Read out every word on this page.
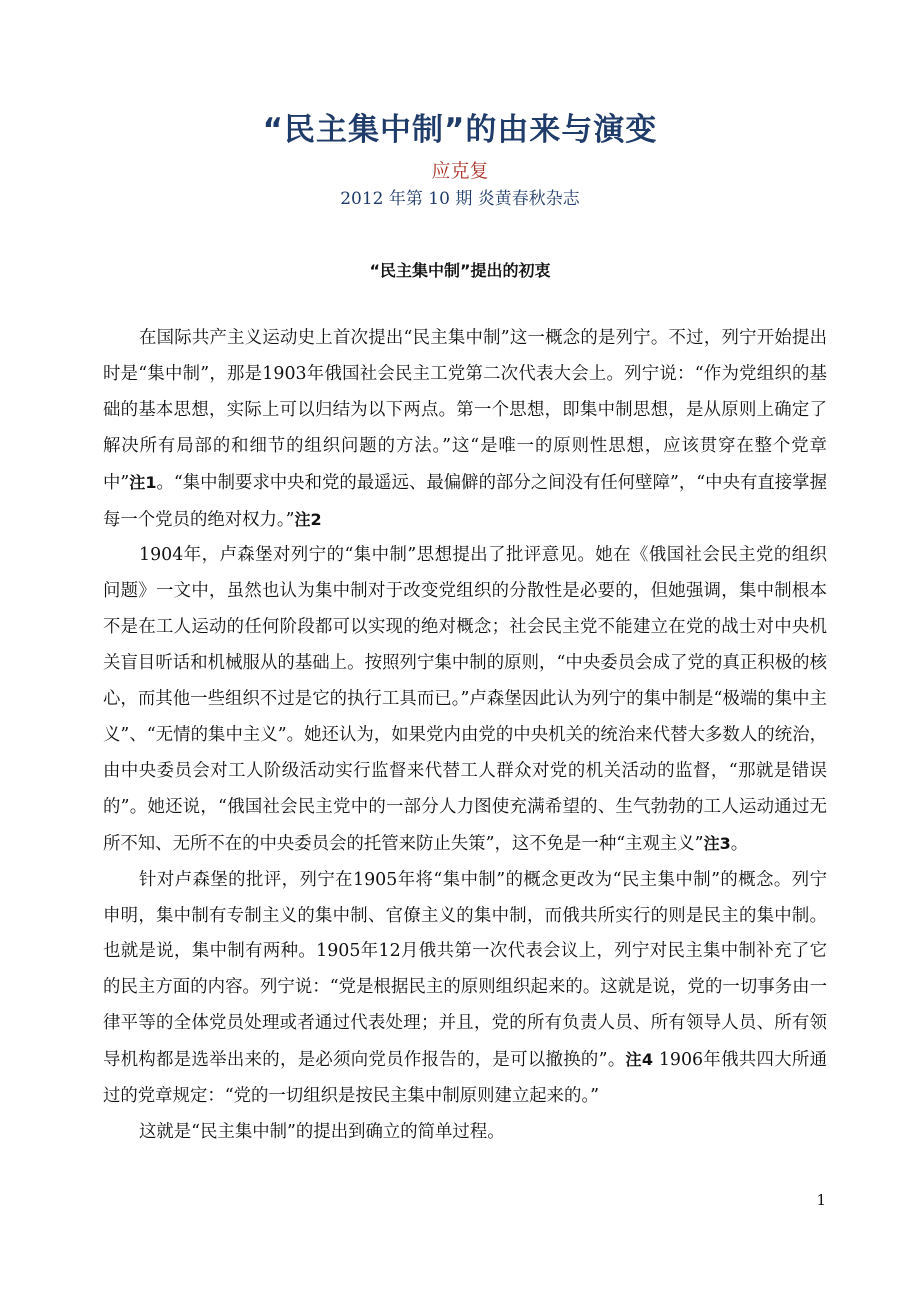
“民主集中制”的由来与演变
应克复
2012 年第 10 期 炎黄春秋杂志
“民主集中制”提出的初衷

在国际共产主义运动史上首次提出“民主集中制”这一概念的是列宁。不过，列宁开始提出时是“集中制”，那是1903年俄国社会民主工党第二次代表大会上。列宁说：“作为党组织的基础的基本思想，实际上可以归结为以下两点。第一个思想，即集中制思想，是从原则上确定了解决所有局部的和细节的组织问题的方法。”这“是唯一的原则性思想，应该贯穿在整个党章中”注1。“集中制要求中央和党的最遥远、最偏僻的部分之间没有任何壁障”，“中央有直接掌握每一个党员的绝对权力。”注2

1904年，卢森堡对列宁的“集中制”思想提出了批评意见。她在《俄国社会民主党的组织问题》一文中，虽然也认为集中制对于改变党组织的分散性是必要的，但她强调，集中制根本不是在工人运动的任何阶段都可以实现的绝对概念；社会民主党不能建立在党的战士对中央机关盲目听话和机械服从的基础上。按照列宁集中制的原则，“中央委员会成了党的真正积极的核心，而其他一些组织不过是它的执行工具而已。”卢森堡因此认为列宁的集中制是“极端的集中主义”、“无情的集中主义”。她还认为，如果党内由党的中央机关的统治来代替大多数人的统治，由中央委员会对工人阶级活动实行监督来代替工人群众对党的机关活动的监督，“那就是错误的”。她还说，“俄国社会民主党中的一部分人力图使充满希望的、生气勃勃的工人运动通过无所不知、无所不在的中央委员会的托管来防止失策”，这不免是一种“主观主义”注3。

针对卢森堡的批评，列宁在1905年将“集中制”的概念更改为“民主集中制”的概念。列宁申明，集中制有专制主义的集中制、官僚主义的集中制，而俄共所实行的则是民主的集中制。也就是说，集中制有两种。1905年12月俄共第一次代表会议上，列宁对民主集中制补充了它的民主方面的内容。列宁说：“党是根据民主的原则组织起来的。这就是说，党的一切事务由一律平等的全体党员处理或者通过代表处理；并且，党的所有负责人员、所有领导人员、所有领导机构都是选举出来的，是必须向党员作报告的，是可以撤换的”。注4 1906年俄共四大所通过的党章规定：“党的一切组织是按民主集中制原则建立起来的。”

这就是“民主集中制”的提出到确立的简单过程。

1
